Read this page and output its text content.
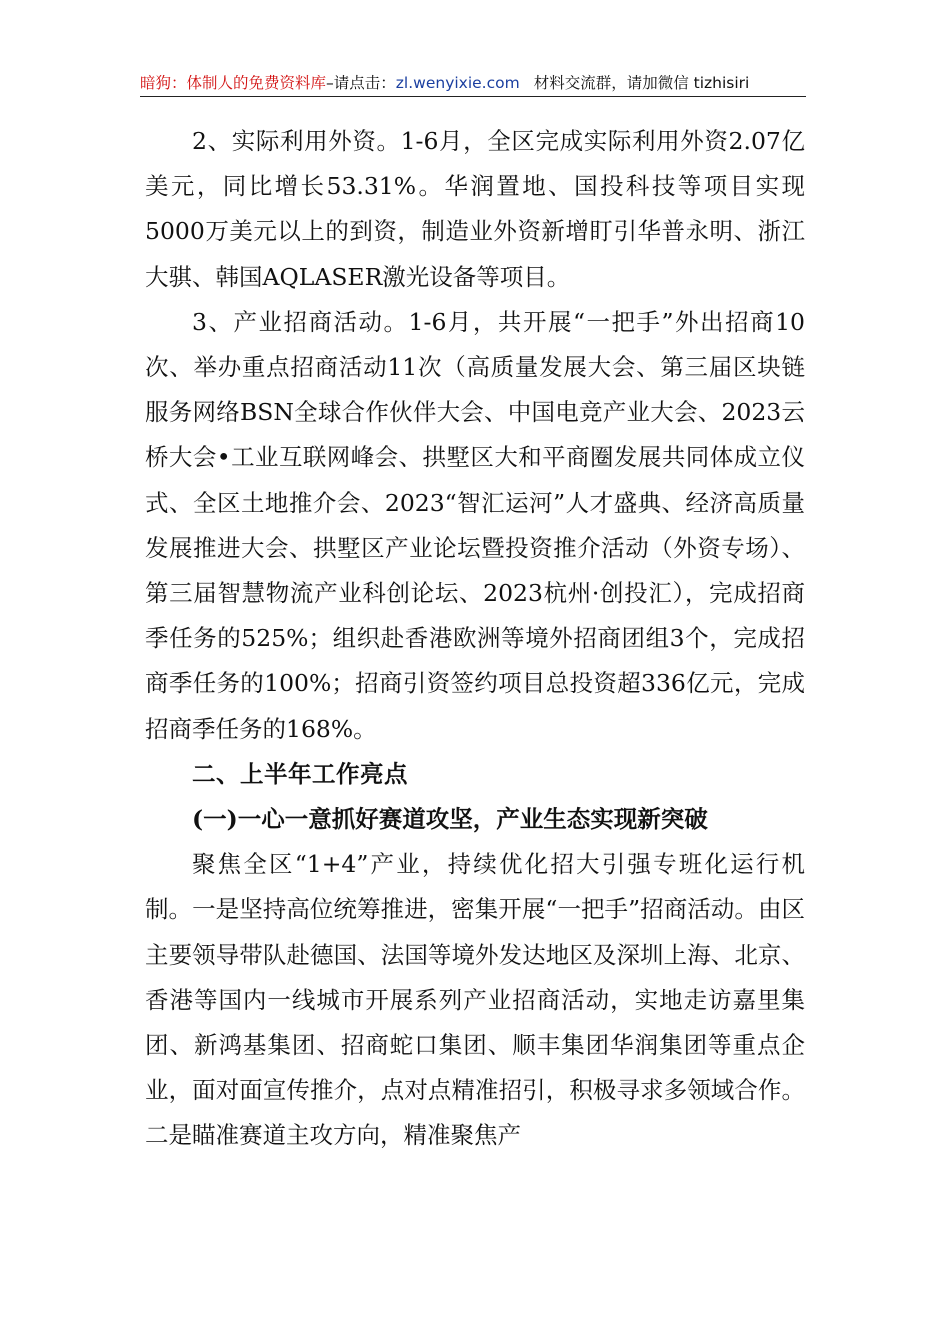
暗狗：体制人的免费资料库–请点击：zl.wenyixie.com 材料交流群，请加微信 tizhisiri

2、实际利用外资。1-6月，全区完成实际利用外资2.07亿美元，同比增长53.31%。华润置地、国投科技等项目实现5000万美元以上的到资，制造业外资新增盯引华普永明、浙江大骐、韩国AQLASER激光设备等项目。

3、产业招商活动。1-6月，共开展“一把手”外出招商10次、举办重点招商活动11次（高质量发展大会、第三届区块链服务网络BSN全球合作伙伴大会、中国电竞产业大会、2023云桥大会•工业互联网峰会、拱墅区大和平商圈发展共同体成立仪式、全区土地推介会、2023“智汇运河”人才盛典、经济高质量发展推进大会、拱墅区产业论坛暨投资推介活动（外资专场）、第三届智慧物流产业科创论坛、2023杭州·创投汇），完成招商季任务的525%；组织赴香港欧洲等境外招商团组3个，完成招商季任务的100%；招商引资签约项目总投资超336亿元，完成招商季任务的168%。

二、上半年工作亮点

(一)一心一意抓好赛道攻坚，产业生态实现新突破

聚焦全区“1+4”产业，持续优化招大引强专班化运行机制。一是坚持高位统筹推进，密集开展“一把手”招商活动。由区主要领导带队赴德国、法国等境外发达地区及深圳上海、北京、香港等国内一线城市开展系列产业招商活动，实地走访嘉里集团、新鸿基集团、招商蛇口集团、顺丰集团华润集团等重点企业，面对面宣传推介，点对点精准招引，积极寻求多领域合作。二是瞄准赛道主攻方向，精准聚焦产
